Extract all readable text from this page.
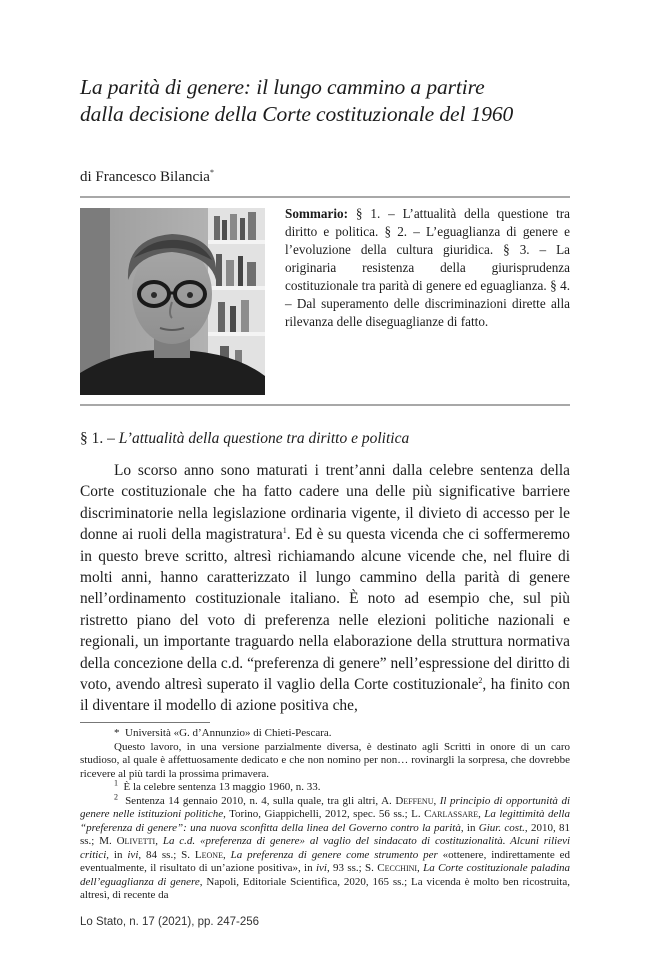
La parità di genere: il lungo cammino a partire
dalla decisione della Corte costituzionale del 1960

di Francesco Bilancia*

Sommario: § 1. – L’attualità della questione tra diritto e politica. § 2. – L’eguaglianza di genere e l’evoluzione della cultura giuridica. § 3. – La originaria resistenza della giurisprudenza costituzionale tra parità di genere ed eguaglianza. § 4. – Dal superamento delle discriminazioni dirette alla rilevanza delle diseguaglianze di fatto.

§ 1. – L’attualità della questione tra diritto e politica

Lo scorso anno sono maturati i trent’anni dalla celebre sentenza della Corte costituzionale che ha fatto cadere una delle più significative barriere discriminatorie nella legislazione ordinaria vigente, il divieto di accesso per le donne ai ruoli della magistratura$^1$. Ed è su questa vicenda che ci soffermeremo in questo breve scritto, altresì richiamando alcune vicende che, nel fluire di molti anni, hanno caratterizzato il lungo cammino della parità di genere nell’ordinamento costituzionale italiano. È noto ad esempio che, sul più ristretto piano del voto di preferenza nelle elezioni politiche nazionali e regionali, un importante traguardo nella elaborazione della struttura normativa della concezione della c.d. “preferenza di genere” nell’espressione del diritto di voto, avendo altresì superato il vaglio della Corte costituzionale$^2$, ha finito con il diventare il modello di azione positiva che,

* Università «G. d’Annunzio» di Chieti-Pescara.

Questo lavoro, in una versione parzialmente diversa, è destinato agli Scritti in onore di un caro studioso, al quale è affettuosamente dedicato e che non nomino per non… rovinargli la sorpresa, che dovrebbe ricevere al più tardi la prossima primavera.

$^1$ È la celebre sentenza 13 maggio 1960, n. 33.

$^2$ Sentenza 14 gennaio 2010, n. 4, sulla quale, tra gli altri, A. Deffenu, Il principio di opportunità di genere nelle istituzioni politiche, Torino, Giappichelli, 2012, spec. 56 ss.; L. Carlassare, La legittimità della “preferenza di genere”: una nuova sconfitta della linea del Governo contro la parità, in Giur. cost., 2010, 81 ss.; M. Olivetti, La c.d. «preferenza di genere» al vaglio del sindacato di costituzionalità. Alcuni rilievi critici, in ivi, 84 ss.; S. Leone, La preferenza di genere come strumento per «ottenere, indirettamente ed eventualmente, il risultato di un’azione positiva», in ivi, 93 ss.; S. Cecchini, La Corte costituzionale paladina dell’eguaglianza di genere, Napoli, Editoriale Scientifica, 2020, 165 ss.; La vicenda è molto ben ricostruita, altresì, di recente da

Lo Stato, n. 17 (2021), pp. 247-256
